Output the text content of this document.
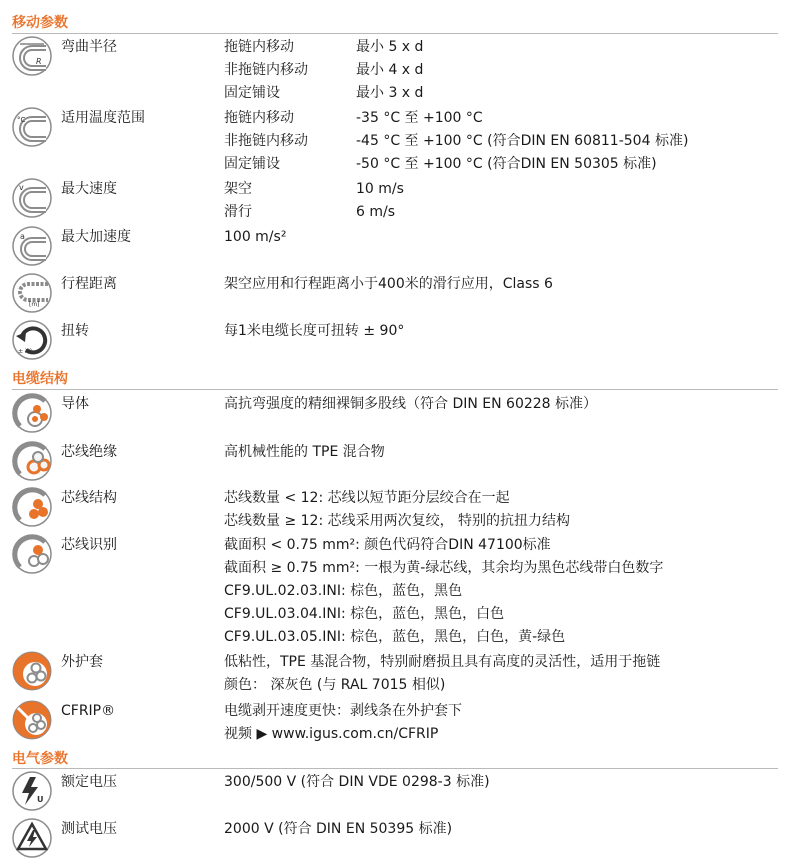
移动参数
R
弯曲半径	拖链内移动	最小 5 x d
非拖链内移动	最小 4 x d
固定铺设	最小 3 x d
°C	适用温度范围	拖链内移动	-35 °C 至 +100 °C
非拖链内移动	-45 °C 至 +100 °C (符合DIN EN 60811-504 标准)
固定铺设	-50 °C 至 +100 °C (符合DIN EN 50305 标准)
v	最大速度	架空	10 m/s
滑行	6 m/s
a	最大加速度	100 m/s²
[m]
行程距离	架空应用和行程距离小于400米的滑行应用，Class 6
± X°
扭转	每1米电缆长度可扭转 ± 90°
电缆结构
导体	高抗弯强度的精细裸铜多股线（符合 DIN EN 60228 标准）
芯线绝缘	高机械性能的 TPE 混合物
芯线结构	芯线数量 < 12: 芯线以短节距分层绞合在一起
芯线数量 ≥ 12: 芯线采用两次复绞， 特别的抗扭力结构
芯线识别	截面积 < 0.75 mm²: 颜色代码符合DIN 47100标准
截面积 ≥ 0.75 mm²: 一根为黄-绿芯线，其余均为黑色芯线带白色数字
CF9.UL.02.03.INI: 棕色，蓝色，黑色
CF9.UL.03.04.INI: 棕色，蓝色，黑色，白色
CF9.UL.03.05.INI: 棕色，蓝色，黑色，白色，黄-绿色
外护套	低粘性，TPE 基混合物，特别耐磨损且具有高度的灵活性，适用于拖链
颜色： 深灰色 (与 RAL 7015 相似)
CFRIP®	电缆剥开速度更快：剥线条在外护套下
视频 ▶ www.igus.com.cn/CFRIP
电气参数
U
额定电压	300/500 V (符合 DIN VDE 0298-3 标准)
测试电压	2000 V (符合 DIN EN 50395 标准)
